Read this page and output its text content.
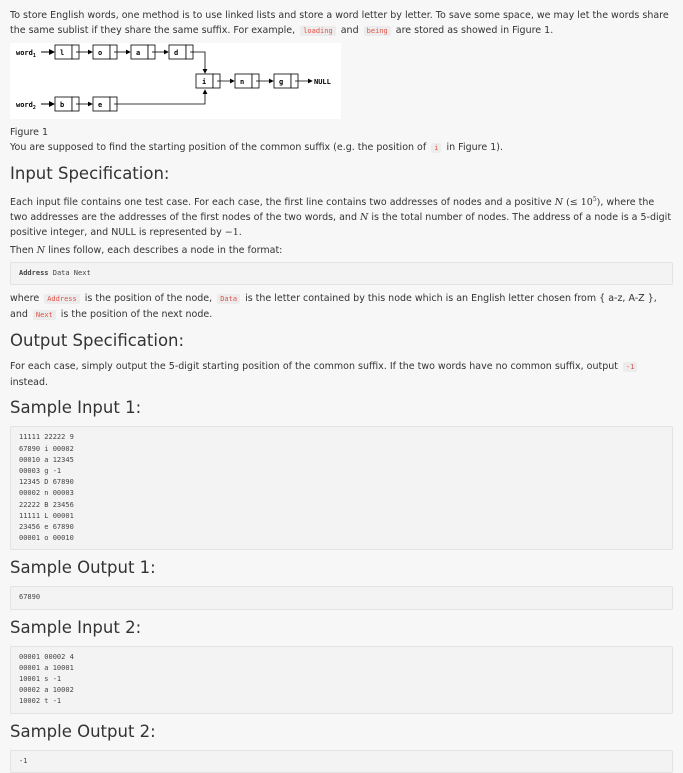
To store English words, one method is to use linked lists and store a word letter by letter. To save some space, we may let the words share the same sublist if they share the same suffix. For example, loading and being are stored as showed in Figure 1.

word$_1$	l	o	a	d
i	n	g	NULL
word$_2$	b	e

Figure 1

You are supposed to find the starting position of the common suffix (e.g. the position of i in Figure 1).

Input Specification:

Each input file contains one test case. For each case, the first line contains two addresses of nodes and a positive N (≤ $10^5$), where the two addresses are the addresses of the first nodes of the two words, and N is the total number of nodes. The address of a node is a 5-digit positive integer, and NULL is represented by −1.

Then N lines follow, each describes a node in the format:

Address Data Next

where Address is the position of the node, Data is the letter contained by this node which is an English letter chosen from { a-z, A-Z }, and Next is the position of the next node.

Output Specification:

For each case, simply output the 5-digit starting position of the common suffix. If the two words have no common suffix, output -1 instead.

Sample Input 1:
11111 22222 9
67890 i 00002
00010 a 12345
00003 g -1
12345 D 67890
00002 n 00003
22222 B 23456
11111 L 00001
23456 e 67890
00001 o 00010
Sample Output 1:
67890
Sample Input 2:
00001 00002 4
00001 a 10001
10001 s -1
00002 a 10002
10002 t -1
Sample Output 2:
-1
